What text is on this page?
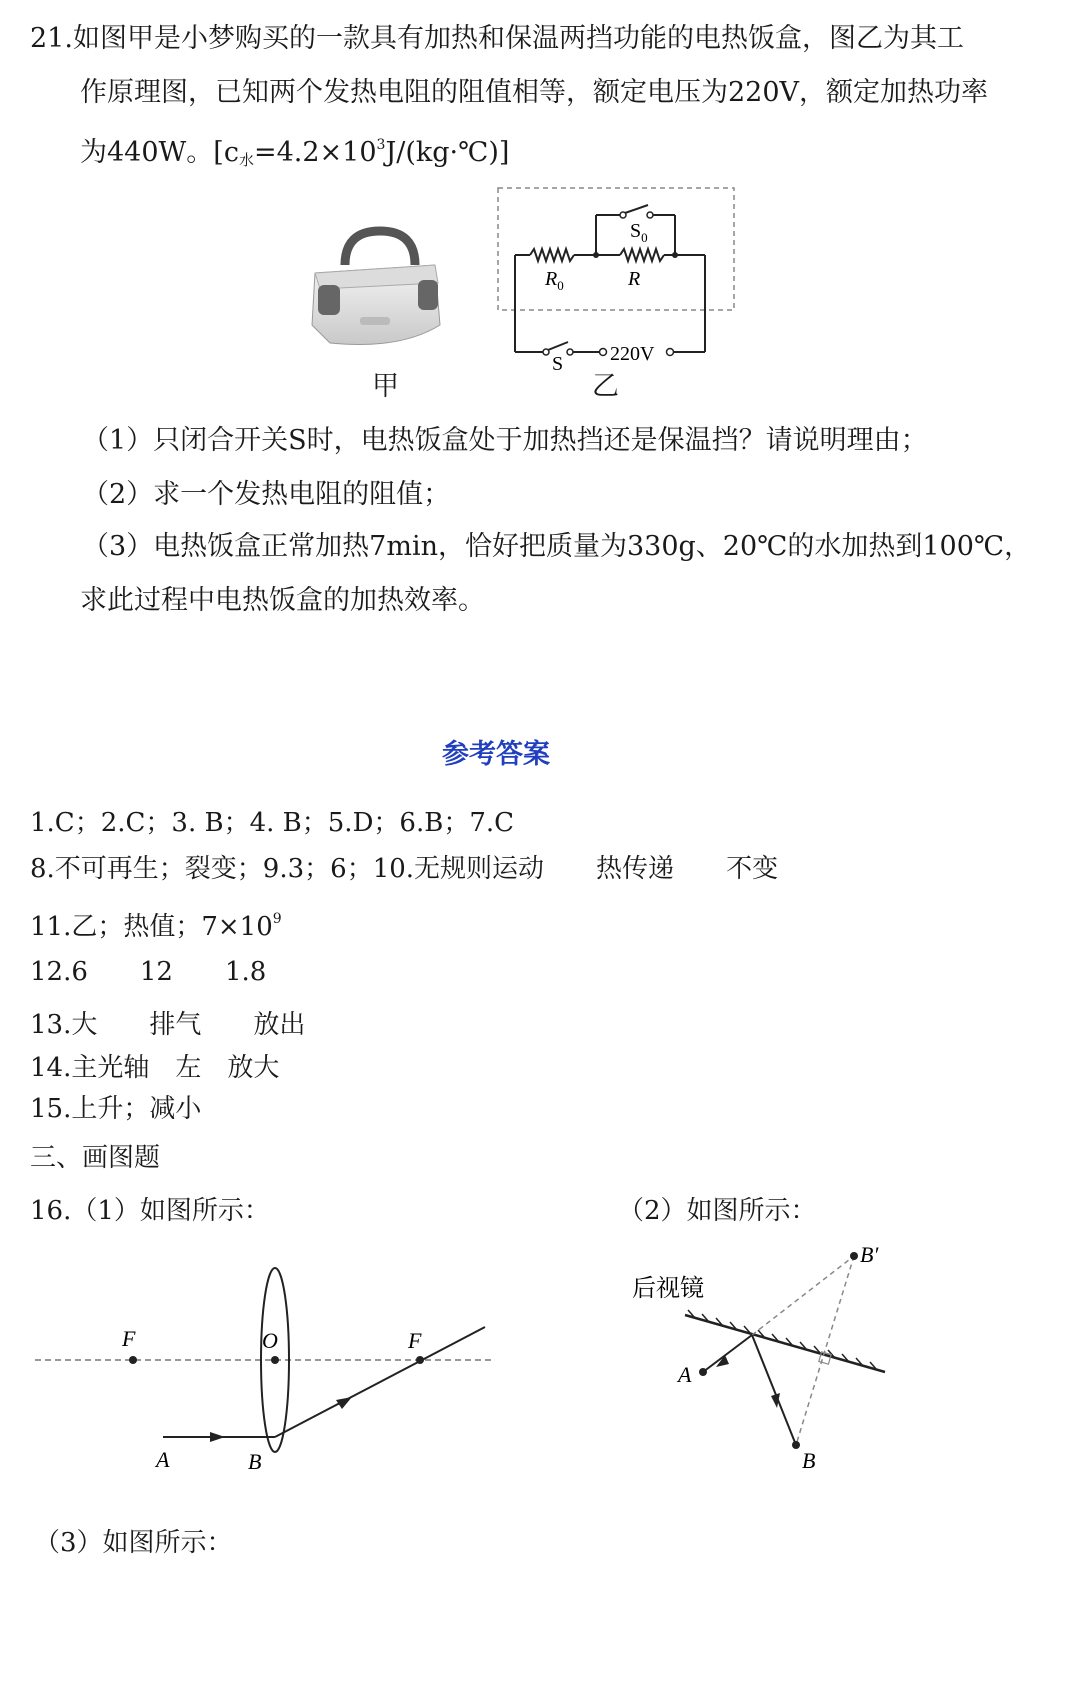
21.如图甲是小梦购买的一款具有加热和保温两挡功能的电热饭盒，图乙为其工
作原理图，已知两个发热电阻的阻值相等，额定电压为220V，额定加热功率
为440W。$[c_水=4.2\times 10^3J/(kg\cdot℃)]$
甲
$S_0$
$R_0$	R
S 220V
乙
（1）只闭合开关S时，电热饭盒处于加热挡还是保温挡？请说明理由；
（2）求一个发热电阻的阻值；
（3）电热饭盒正常加热7min，恰好把质量为330g、20℃的水加热到100℃，
求此过程中电热饭盒的加热效率。
参考答案
1.C；2.C；3. B；4. B；5.D；6.B；7.C
8.不可再生；裂变；9.3；6；10.无规则运动 热传递 不变
11.乙；热值；$7\times 10^9$
12.6 12 1.8
13.大 排气 放出
14.主光轴 左 放大
15.上升；减小
三、画图题
16.（1）如图所示：	（2）如图所示：
F	O	F
A	B
后视镜
B′
A
B
（3）如图所示：
